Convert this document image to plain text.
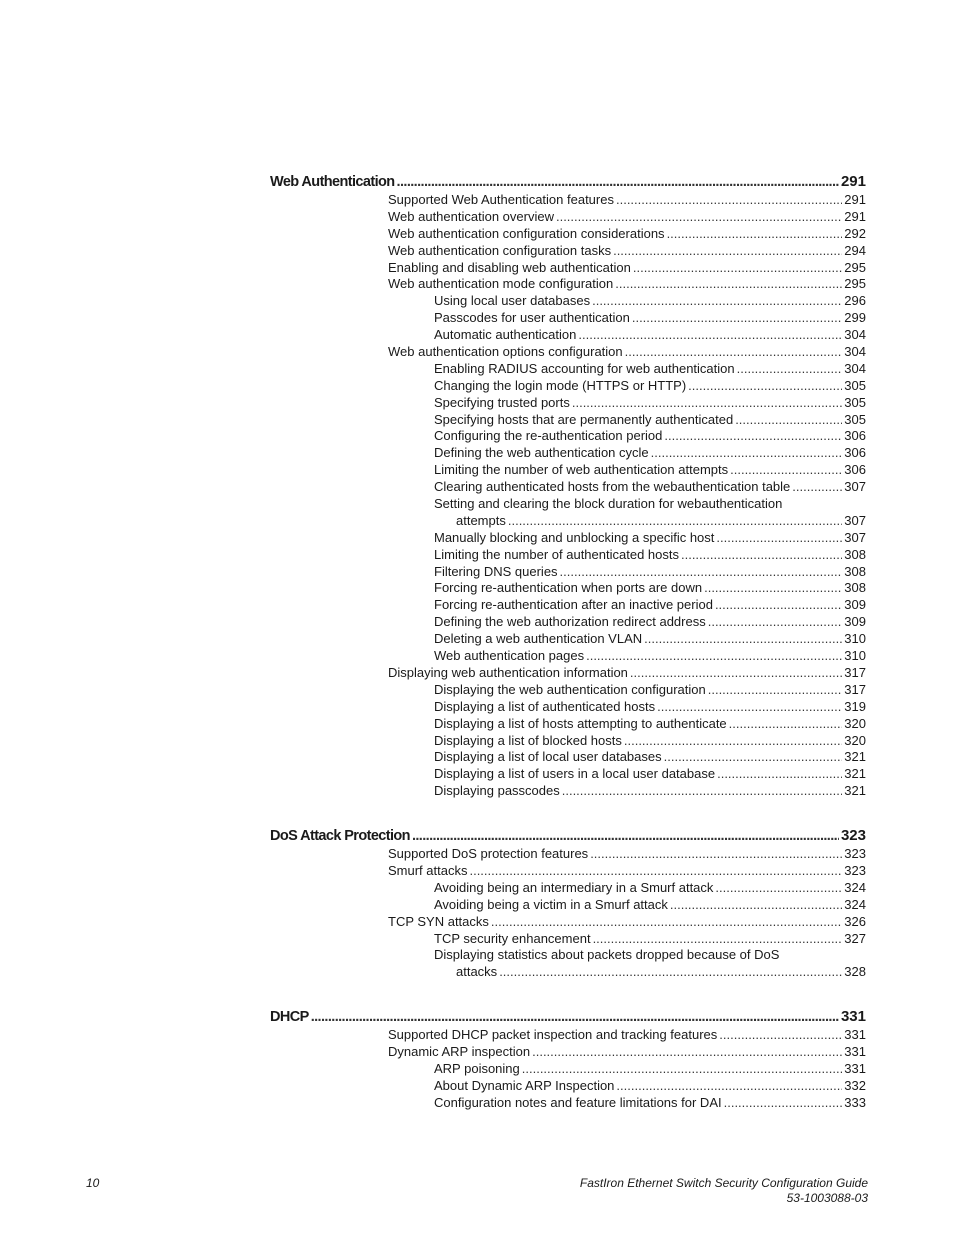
Web Authentication .....	291
Supported Web Authentication features .....	291
Web authentication overview .....	291
Web authentication configuration considerations .....	292
Web authentication configuration tasks .....	294
Enabling and disabling web authentication .....	295
Web authentication mode configuration .....	295
Using local user databases .....	296
Passcodes for user authentication .....	299
Automatic authentication .....	304
Web authentication options configuration .....	304
Enabling RADIUS accounting for web authentication .....	304
Changing the login mode (HTTPS or HTTP) .....	305
Specifying trusted ports .....	305
Specifying hosts that are permanently authenticated .....	305
Configuring the re-authentication period .....	306
Defining the web authentication cycle .....	306
Limiting the number of web authentication attempts .....	306
Clearing authenticated hosts from the webauthentication table .....	307
Setting and clearing the block duration for webauthentication
attempts .....	307
Manually blocking and unblocking a specific host .....	307
Limiting the number of authenticated hosts .....	308
Filtering DNS queries .....	308
Forcing re-authentication when ports are down .....	308
Forcing re-authentication after an inactive period .....	309
Defining the web authorization redirect address .....	309
Deleting a web authentication VLAN .....	310
Web authentication pages .....	310
Displaying web authentication information .....	317
Displaying the web authentication configuration .....	317
Displaying a list of authenticated hosts .....	319
Displaying a list of hosts attempting to authenticate .....	320
Displaying a list of blocked hosts .....	320
Displaying a list of local user databases .....	321
Displaying a list of users in a local user database .....	321
Displaying passcodes .....	321
DoS Attack Protection .....	323
Supported DoS protection features .....	323
Smurf attacks .....	323
Avoiding being an intermediary in a Smurf attack .....	324
Avoiding being a victim in a Smurf attack .....	324
TCP SYN attacks .....	326
TCP security enhancement .....	327
Displaying statistics about packets dropped because of DoS
attacks .....	328
DHCP .....	331
Supported DHCP packet inspection and tracking features .....	331
Dynamic ARP inspection .....	331
ARP poisoning .....	331
About Dynamic ARP Inspection .....	332
Configuration notes and feature limitations for DAI .....	333
10	FastIron Ethernet Switch Security Configuration Guide
53-1003088-03
